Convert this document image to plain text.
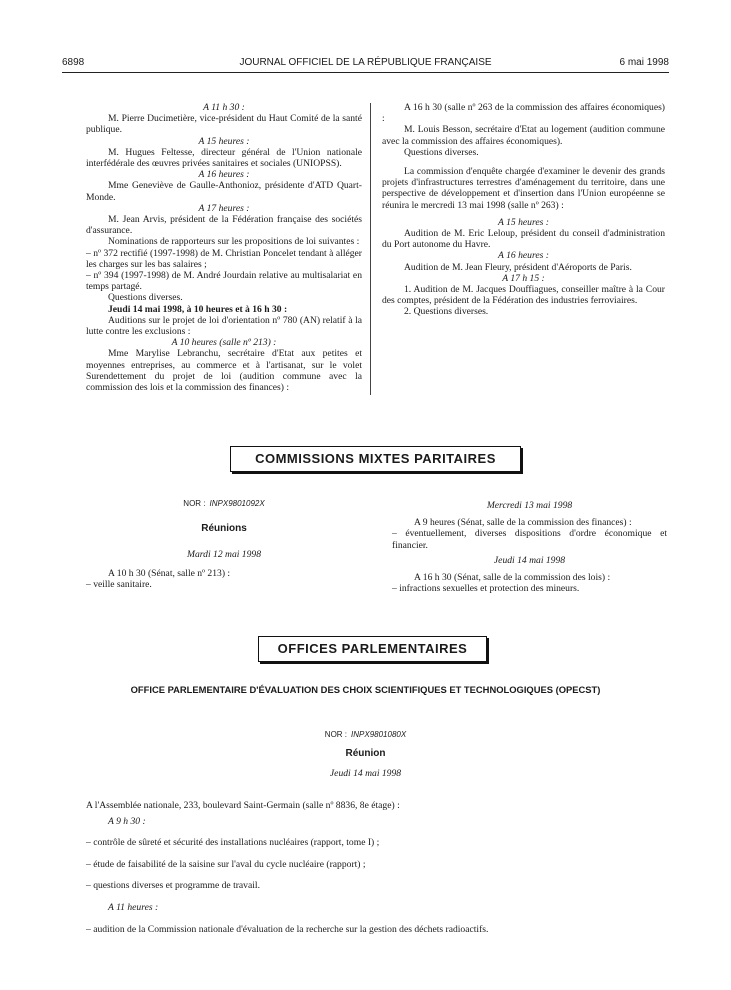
6898	JOURNAL OFFICIEL DE LA RÉPUBLIQUE FRANÇAISE	6 mai 1998

A 11 h 30 :

M. Pierre Ducimetière, vice-président du Haut Comité de la santé publique.

A 15 heures :

M. Hugues Feltesse, directeur général de l'Union nationale interfédérale des œuvres privées sanitaires et sociales (UNIOPSS).

A 16 heures :

Mme Geneviève de Gaulle-Anthonioz, présidente d'ATD Quart-Monde.

A 17 heures :

M. Jean Arvis, président de la Fédération française des sociétés d'assurance.

Nominations de rapporteurs sur les propositions de loi suivantes :

– nº 372 rectifié (1997-1998) de M. Christian Poncelet tendant à alléger les charges sur les bas salaires ;

– nº 394 (1997-1998) de M. André Jourdain relative au multisalariat en temps partagé.

Questions diverses.

Jeudi 14 mai 1998, à 10 heures et à 16 h 30 :

Auditions sur le projet de loi d'orientation nº 780 (AN) relatif à la lutte contre les exclusions :

A 10 heures (salle nº 213) :

Mme Marylise Lebranchu, secrétaire d'Etat aux petites et moyennes entreprises, au commerce et à l'artisanat, sur le volet Surendettement du projet de loi (audition commune avec la commission des lois et la commission des finances) :

A 16 h 30 (salle nº 263 de la commission des affaires économiques) :

M. Louis Besson, secrétaire d'Etat au logement (audition commune avec la commission des affaires économiques).

Questions diverses.

La commission d'enquête chargée d'examiner le devenir des grands projets d'infrastructures terrestres d'aménagement du territoire, dans une perspective de développement et d'insertion dans l'Union européenne se réunira le mercredi 13 mai 1998 (salle nº 263) :

A 15 heures :

Audition de M. Eric Leloup, président du conseil d'administration du Port autonome du Havre.

A 16 heures :

Audition de M. Jean Fleury, président d'Aéroports de Paris.

A 17 h 15 :

1. Audition de M. Jacques Douffiagues, conseiller maître à la Cour des comptes, président de la Fédération des industries ferroviaires.

2. Questions diverses.

COMMISSIONS MIXTES PARITAIRES
NOR : INPX9801092X
Réunions

Mardi 12 mai 1998

A 10 h 30 (Sénat, salle nº 213) :

– veille sanitaire.

Mercredi 13 mai 1998

A 9 heures (Sénat, salle de la commission des finances) :

– éventuellement, diverses dispositions d'ordre économique et financier.

Jeudi 14 mai 1998

A 16 h 30 (Sénat, salle de la commission des lois) :

– infractions sexuelles et protection des mineurs.

OFFICES PARLEMENTAIRES
OFFICE PARLEMENTAIRE D'ÉVALUATION DES CHOIX SCIENTIFIQUES ET TECHNOLOGIQUES (OPECST)
NOR : INPX9801080X
Réunion
Jeudi 14 mai 1998

A l'Assemblée nationale, 233, boulevard Saint-Germain (salle nº 8836, 8e étage) :

A 9 h 30 :

– contrôle de sûreté et sécurité des installations nucléaires (rapport, tome I) ;

– étude de faisabilité de la saisine sur l'aval du cycle nucléaire (rapport) ;

– questions diverses et programme de travail.

A 11 heures :

– audition de la Commission nationale d'évaluation de la recherche sur la gestion des déchets radioactifs.
